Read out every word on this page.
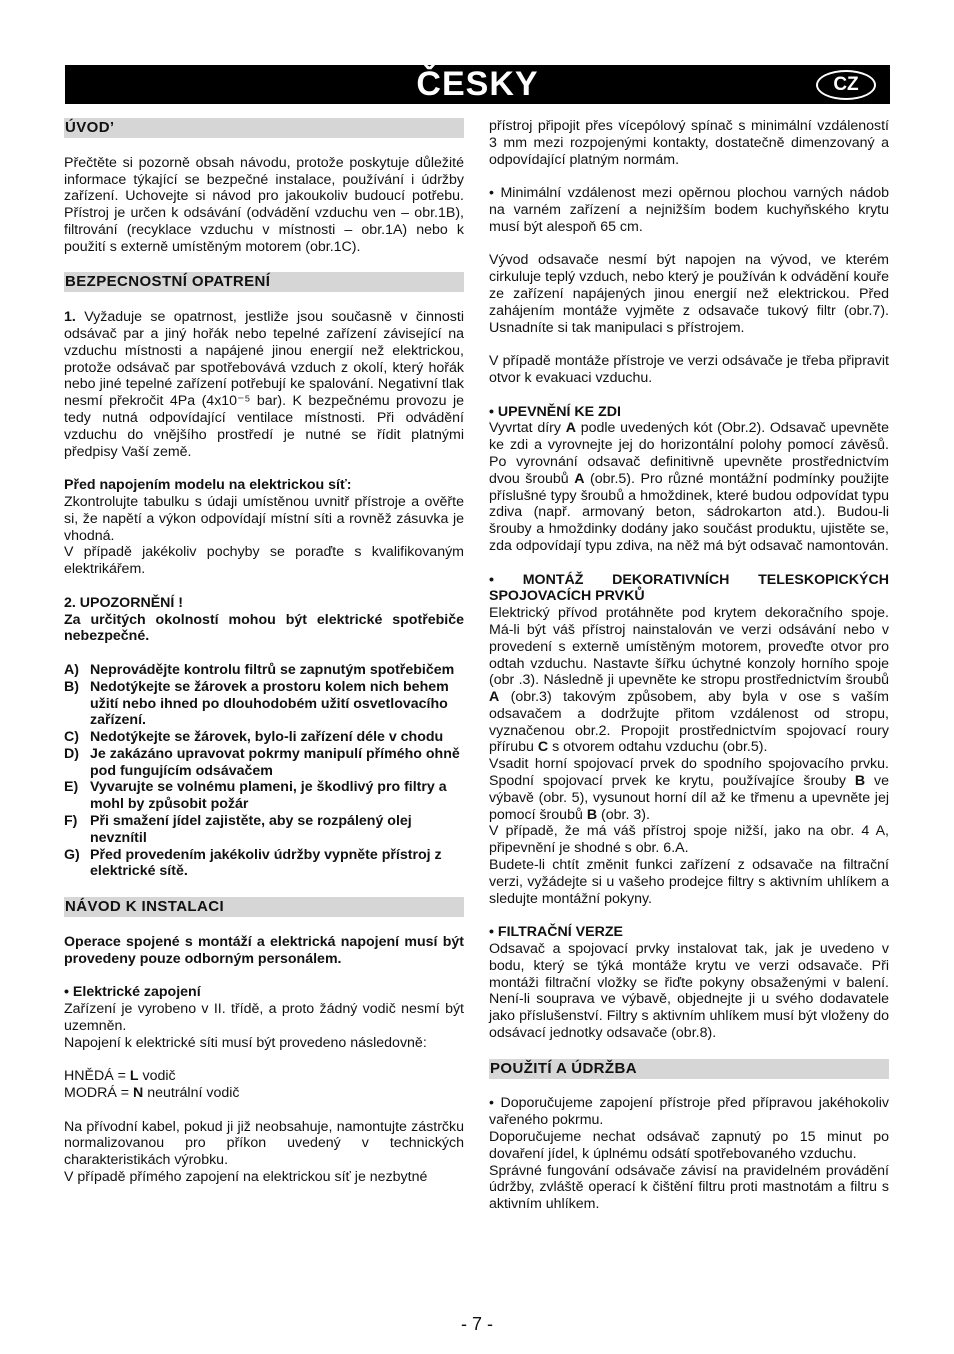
ČESKY	CZ
ÚVOD’

Přečtěte si pozorně obsah návodu, protože poskytuje důležité informace týkající se bezpečné instalace, používání i údržby zařízení. Uchovejte si návod pro jakoukoliv budoucí potřebu. Přístroj je určen k odsávání (odvádění vzduchu ven – obr.1B), filtrování (recyklace vzduchu v místnosti – obr.1A) nebo k použití s externě umístěným motorem (obr.1C).

BEZPECNOSTNÍ OPATRENÍ

1. Vyžaduje se opatrnost, jestliže jsou současně v činnosti odsávač par a jiný hořák nebo tepelné zařízení závisející na vzduchu místnosti a napájené jinou energií než elektrickou, protože odsávač par spotřebovává vzduch z okolí, který hořák nebo jiné tepelné zařízení potřebují ke spalování. Negativní tlak nesmí překročit 4Pa (4x10⁻⁵ bar). K bezpečnému provozu je tedy nutná odpovídající ventilace místnosti. Při odvádění vzduchu do vnějšího prostředí je nutné se řídit platnými předpisy Vaší země.

Před napojením modelu na elektrickou síť:

Zkontrolujte tabulku s údaji umístěnou uvnitř přístroje a ověřte si, že napětí a výkon odpovídají místní síti a rovněž zásuvka je vhodná.

V případě jakékoliv pochyby se poraďte s kvalifikovaným elektrikářem.

2. UPOZORNĚNÍ !

Za určitých okolností mohou být elektrické spotřebiče nebezpečné.

A) Neprovádějte kontrolu filtrů se zapnutým spotřebičem
B) Nedotýkejte se žárovek a prostoru kolem nich behem užití nebo ihned po dlouhodobém užití osvetlovacího zařízení.
C) Nedotýkejte se žárovek, bylo-li zařízení déle v chodu
D) Je zakázáno upravovat pokrmy manipulí přímého ohně pod fungujícím odsávačem
E) Vyvarujte se volnému plameni, je škodlivý pro filtry a mohl by způsobit požár
F) Při smažení jídel zajistěte, aby se rozpálený olej nevznítil
G) Před provedením jakékoliv údržby vypněte přístroj z elektrické sítě.
NÁVOD K INSTALACI

Operace spojené s montáží a elektrická napojení musí být provedeny pouze odborným personálem.

• Elektrické zapojení

Zařízení je vyrobeno v II. třídě, a proto žádný vodič nesmí být uzemněn.

Napojení k elektrické síti musí být provedeno následovně:

HNĚDÁ = L vodič

MODRÁ = N neutrální vodič

Na přívodní kabel, pokud ji již neobsahuje, namontujte zástrčku normalizovanou pro příkon uvedený v technických charakteristikách výrobku.

V případě přímého zapojení na elektrickou síť je nezbytné

přístroj připojit přes vícepólový spínač s minimální vzdáleností 3 mm mezi rozpojenými kontakty, dostatečně dimenzovaný a odpovídající platným normám.

• Minimální vzdálenost mezi opěrnou plochou varných nádob na varném zařízení a nejnižším bodem kuchyňského krytu musí být alespoň 65 cm.

Vývod odsavače nesmí být napojen na vývod, ve kterém cirkuluje teplý vzduch, nebo který je používán k odvádění kouře ze zařízení napájených jinou energií než elektrickou. Před zahájením montáže vyjměte z odsavače tukový filtr (obr.7). Usnadníte si tak manipulaci s přístrojem.

V případě montáže přístroje ve verzi odsávače je třeba připravit otvor k evakuaci vzduchu.

• UPEVNĚNÍ KE ZDI

Vyvrtat díry A podle uvedených kót (Obr.2). Odsavač upevněte ke zdi a vyrovnejte jej do horizontální polohy pomocí závěsů. Po vyrovnání odsavač definitivně upevněte prostřednictvím dvou šroubů A (obr.5). Pro různé montážní podmínky použijte příslušné typy šroubů a hmoždinek, které budou odpovídat typu zdiva (např. armovaný beton, sádrokarton atd.). Budou-li šrouby a hmoždinky dodány jako součást produktu, ujistěte se, zda odpovídají typu zdiva, na něž má být odsavač namontován.

• MONTÁŽ DEKORATIVNÍCH TELESKOPICKÝCH SPOJOVACÍCH PRVKŮ

Elektrický přívod protáhněte pod krytem dekoračního spoje. Má-li být váš přístroj nainstalován ve verzi odsávání nebo v provedení s externě umístěným motorem, proveďte otvor pro odtah vzduchu. Nastavte šířku úchytné konzoly horního spoje (obr .3). Následně ji upevněte ke stropu prostřednictvím šroubů A (obr.3) takovým způsobem, aby byla v ose s vaším odsavačem a dodržujte přitom vzdálenost od stropu, vyznačenou obr.2. Propojit prostřednictvím spojovací roury přírubu C s otvorem odtahu vzduchu (obr.5).

Vsadit horní spojovací prvek do spodního spojovacího prvku. Spodní spojovací prvek ke krytu, používajíce šrouby B ve výbavě (obr. 5), vysunout horní díl až ke třmenu a upevněte jej pomocí šroubů B (obr. 3).

V případě, že má váš přístroj spoje nižší, jako na obr. 4 A, připevnění je shodné s obr. 6.A.

Budete-li chtít změnit funkci zařízení z odsavače na filtrační verzi, vyžádejte si u vašeho prodejce filtry s aktivním uhlíkem a sledujte montážní pokyny.

• FILTRAČNÍ VERZE

Odsavač a spojovací prvky instalovat tak, jak je uvedeno v bodu, který se týká montáže krytu ve verzi odsavače. Při montáži filtrační vložky se řiďte pokyny obsaženými v balení. Není-li souprava ve výbavě, objednejte ji u svého dodavatele jako příslušenství. Filtry s aktivním uhlíkem musí být vloženy do odsávací jednotky odsavače (obr.8).

POUŽITÍ A ÚDRŽBA

• Doporučujeme zapojení přístroje před přípravou jakéhokoliv vařeného pokrmu.

Doporučujeme nechat odsávač zapnutý po 15 minut po dovaření jídel, k úplnému odsátí spotřebovaného vzduchu.

Správné fungování odsávače závisí na pravidelném provádění údržby, zvláště operací k čištění filtru proti mastnotám a filtru s aktivním uhlíkem.

- 7 -
